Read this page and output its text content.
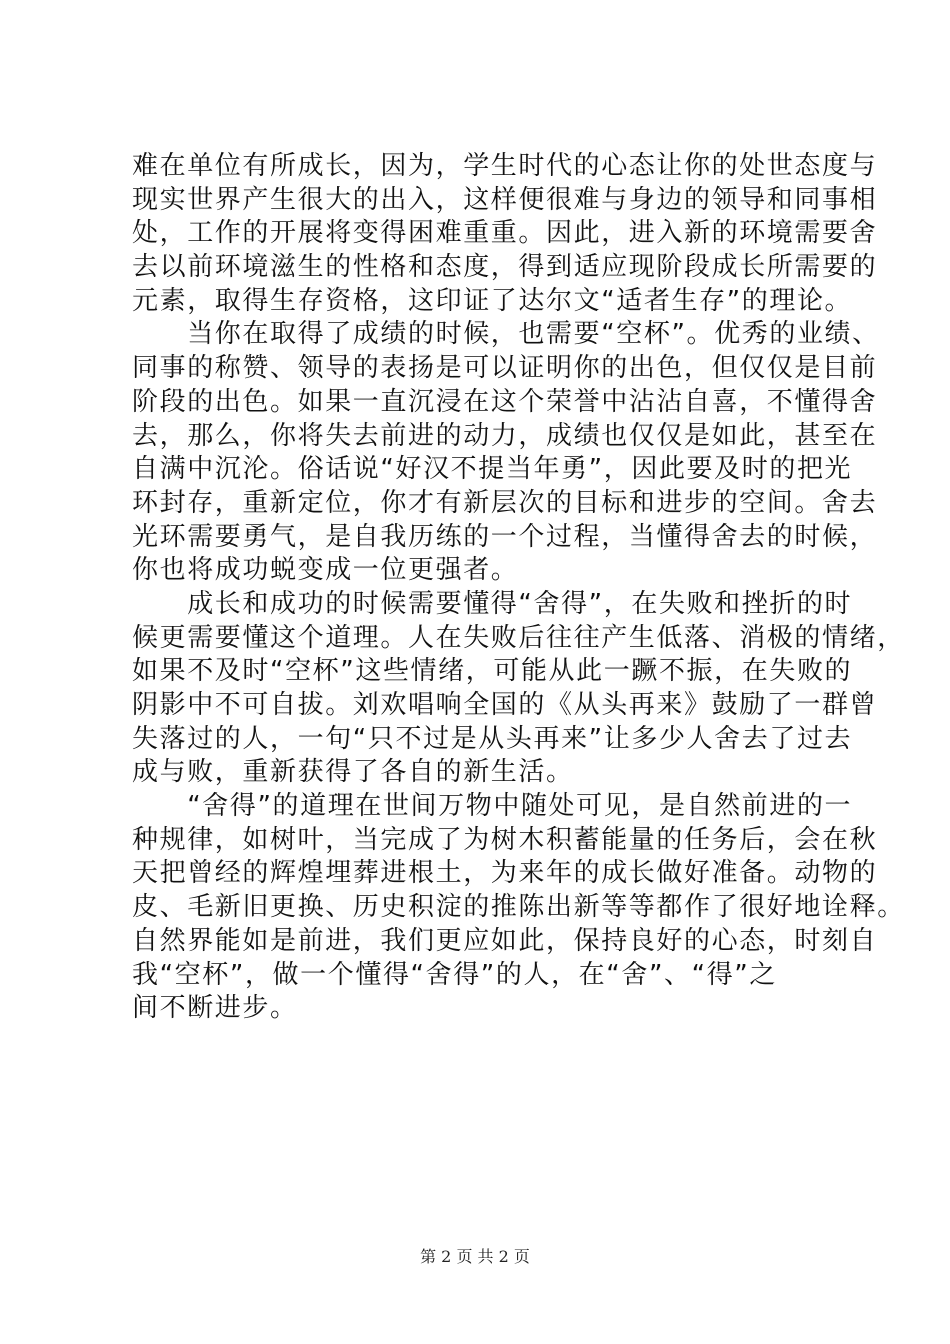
难在单位有所成长，因为，学生时代的心态让你的处世态度与
现实世界产生很大的出入，这样便很难与身边的领导和同事相
处，工作的开展将变得困难重重。因此，进入新的环境需要舍
去以前环境滋生的性格和态度，得到适应现阶段成长所需要的
元素，取得生存资格，这印证了达尔文“适者生存”的理论。
　　当你在取得了成绩的时候，也需要“空杯”。优秀的业绩、
同事的称赞、领导的表扬是可以证明你的出色，但仅仅是目前
阶段的出色。如果一直沉浸在这个荣誉中沾沾自喜，不懂得舍
去，那么，你将失去前进的动力，成绩也仅仅是如此，甚至在
自满中沉沦。俗话说“好汉不提当年勇”，因此要及时的把光
环封存，重新定位，你才有新层次的目标和进步的空间。舍去
光环需要勇气，是自我历练的一个过程，当懂得舍去的时候，
你也将成功蜕变成一位更强者。
　　成长和成功的时候需要懂得“舍得”，在失败和挫折的时
候更需要懂这个道理。人在失败后往往产生低落、消极的情绪，
如果不及时“空杯”这些情绪，可能从此一蹶不振，在失败的
阴影中不可自拔。刘欢唱响全国的《从头再来》鼓励了一群曾
失落过的人，一句“只不过是从头再来”让多少人舍去了过去
成与败，重新获得了各自的新生活。
　　“舍得”的道理在世间万物中随处可见，是自然前进的一
种规律，如树叶，当完成了为树木积蓄能量的任务后，会在秋
天把曾经的辉煌埋葬进根土，为来年的成长做好准备。动物的
皮、毛新旧更换、历史积淀的推陈出新等等都作了很好地诠释。
自然界能如是前进，我们更应如此，保持良好的心态，时刻自
我“空杯”，做一个懂得“舍得”的人，在“舍”、“得”之
间不断进步。
第 2 页 共 2 页
